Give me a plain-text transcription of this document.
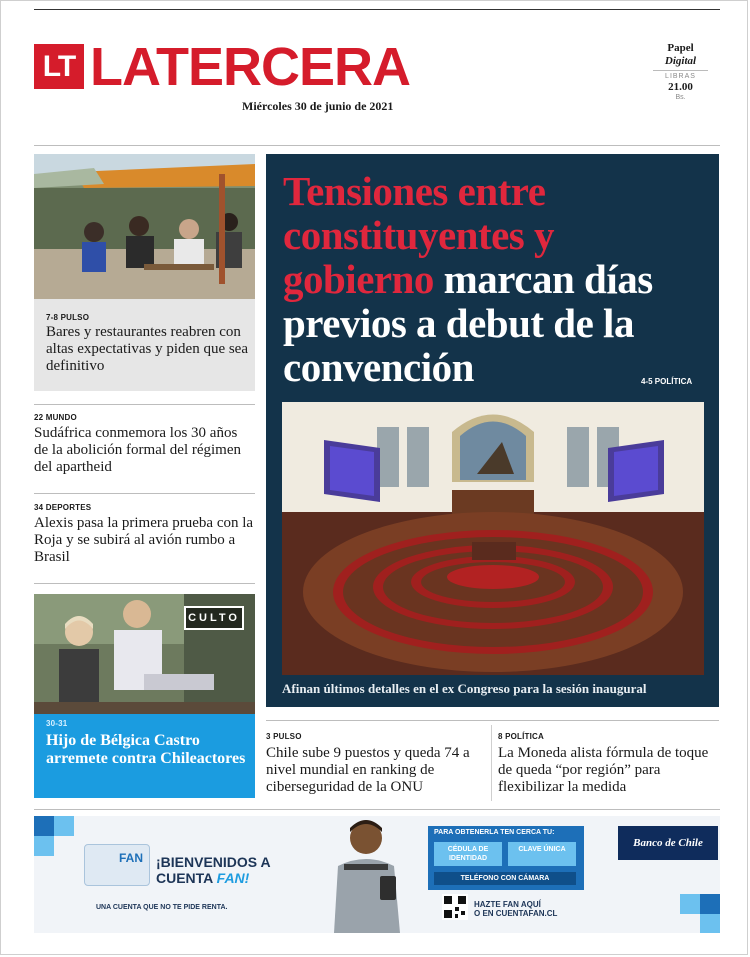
LT LATERCERA
Miércoles 30 de junio de 2021
Papel
Digital
LIBRAS
21.00
Bs.
7-8 PULSO
Bares y restaurantes reabren con altas expectativas y piden que sea definitivo
22 MUNDO
Sudáfrica conmemora los 30 años de la abolición formal del régimen del apartheid
34 DEPORTES
Alexis pasa la primera prueba con la Roja y se subirá al avión rumbo a Brasil
CULTO
30-31
Hijo de Bélgica Castro arremete contra Chileactores
Tensiones entre constituyentes y gobierno marcan días previos a debut de la convención	4-5 POLÍTICA
Afinan últimos detalles en el ex Congreso para la sesión inaugural
3 PULSO
Chile sube 9 puestos y queda 74 a nivel mundial en ranking de ciberseguridad de la ONU
8 POLÍTICA
La Moneda alista fórmula de toque de queda “por región” para flexibilizar la medida
FAN ¡BIENVENIDOS A
CUENTA FAN!
UNA CUENTA QUE NO TE PIDE RENTA.
PARA OBTENERLA TEN CERCA TU:
CÉDULA DE IDENTIDAD
CLAVE ÚNICA
TELÉFONO CON CÁMARA
HAZTE FAN AQUÍ
O EN CUENTAFAN.CL
Banco de Chile
